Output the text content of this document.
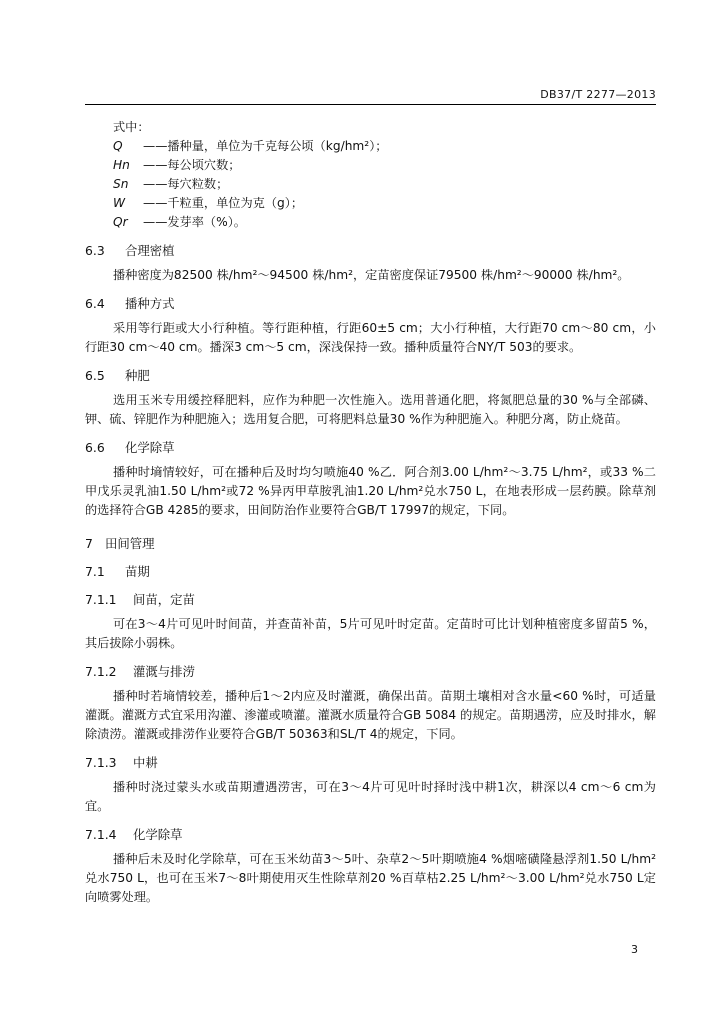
DB37/T 2277—2013
式中：
Q ——播种量，单位为千克每公顷（kg/hm²）；
Hn ——每公顷穴数；
Sn ——每穴粒数；
W ——千粒重，单位为克（g）；
Qr ——发芽率（%）。
6.3 合理密植

播种密度为82500 株/hm²～94500 株/hm²，定苗密度保证79500 株/hm²～90000 株/hm²。

6.4 播种方式

采用等行距或大小行种植。等行距种植，行距60±5 cm；大小行种植，大行距70 cm～80 cm，小行距30 cm～40 cm。播深3 cm～5 cm，深浅保持一致。播种质量符合NY/T 503的要求。

6.5 种肥

选用玉米专用缓控释肥料，应作为种肥一次性施入。选用普通化肥，将氮肥总量的30 %与全部磷、钾、硫、锌肥作为种肥施入；选用复合肥，可将肥料总量30 %作为种肥施入。种肥分离，防止烧苗。

6.6 化学除草

播种时墒情较好，可在播种后及时均匀喷施40 %乙．阿合剂3.00 L/hm²～3.75 L/hm²，或33 %二甲戊乐灵乳油1.50 L/hm²或72 %异丙甲草胺乳油1.20 L/hm²兑水750 L，在地表形成一层药膜。除草剂的选择符合GB 4285的要求，田间防治作业要符合GB/T 17997的规定，下同。

7 田间管理
7.1 苗期
7.1.1 间苗，定苗

可在3～4片可见叶时间苗，并查苗补苗，5片可见叶时定苗。定苗时可比计划种植密度多留苗5 %，其后拔除小弱株。

7.1.2 灌溉与排涝

播种时若墒情较差，播种后1～2内应及时灌溉，确保出苗。苗期土壤相对含水量<60 %时，可适量灌溉。灌溉方式宜采用沟灌、渗灌或喷灌。灌溉水质量符合GB 5084 的规定。苗期遇涝，应及时排水，解除渍涝。灌溉或排涝作业要符合GB/T 50363和SL/T 4的规定，下同。

7.1.3 中耕

播种时浇过蒙头水或苗期遭遇涝害，可在3～4片可见叶时择时浅中耕1次，耕深以4 cm～6 cm为宜。

7.1.4 化学除草

播种后未及时化学除草，可在玉米幼苗3～5叶、杂草2～5叶期喷施4 %烟嘧磺隆悬浮剂1.50 L/hm²兑水750 L，也可在玉米7～8叶期使用灭生性除草剂20 %百草枯2.25 L/hm²～3.00 L/hm²兑水750 L定向喷雾处理。

3
